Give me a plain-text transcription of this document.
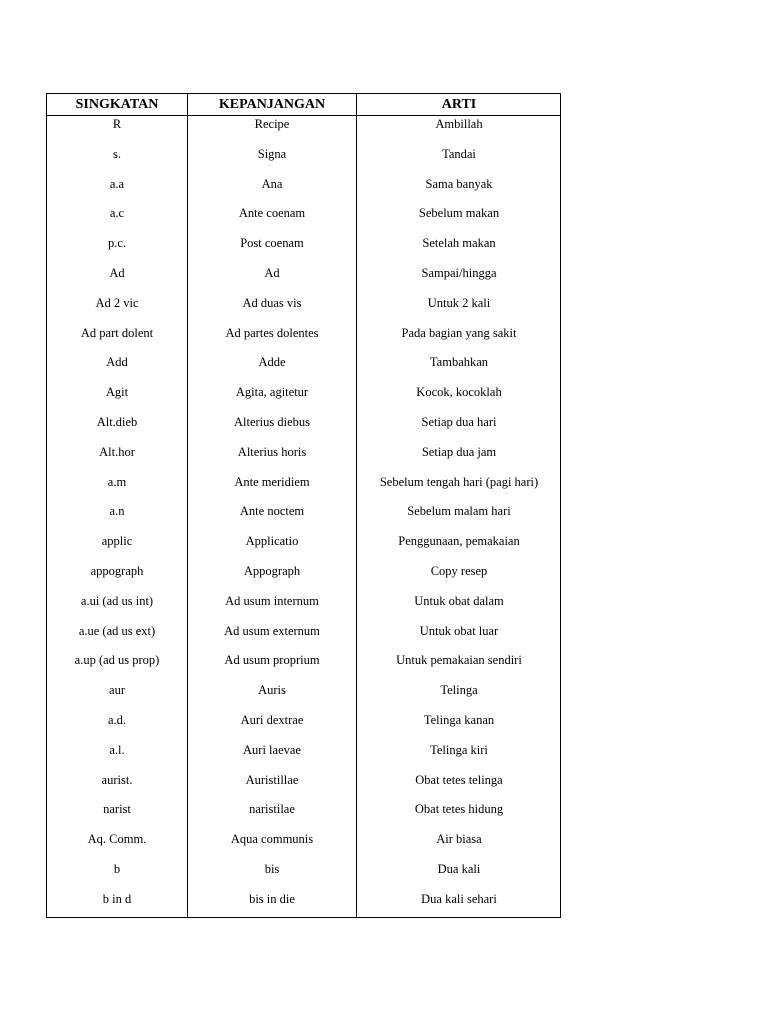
SINGKATAN	KEPANJANGAN	ARTI
R	Recipe	Ambillah
s.	Signa	Tandai
a.a	Ana	Sama banyak
a.c	Ante coenam	Sebelum makan
p.c.	Post coenam	Setelah makan
Ad	Ad	Sampai/hingga
Ad 2 vic	Ad duas vis	Untuk 2 kali
Ad part dolent	Ad partes dolentes	Pada bagian yang sakit
Add	Adde	Tambahkan
Agit	Agita, agitetur	Kocok, kocoklah
Alt.dieb	Alterius diebus	Setiap dua hari
Alt.hor	Alterius horis	Setiap dua jam
a.m	Ante meridiem	Sebelum tengah hari (pagi hari)
a.n	Ante noctem	Sebelum malam hari
applic	Applicatio	Penggunaan, pemakaian
appograph	Appograph	Copy resep
a.ui (ad us int)	Ad usum internum	Untuk obat dalam
a.ue (ad us ext)	Ad usum externum	Untuk obat luar
a.up (ad us prop)	Ad usum proprium	Untuk pemakaian sendiri
aur	Auris	Telinga
a.d.	Auri dextrae	Telinga kanan
a.l.	Auri laevae	Telinga kiri
aurist.	Auristillae	Obat tetes telinga
narist	naristilae	Obat tetes hidung
Aq. Comm.	Aqua communis	Air biasa
b	bis	Dua kali
b in d	bis in die	Dua kali sehari
